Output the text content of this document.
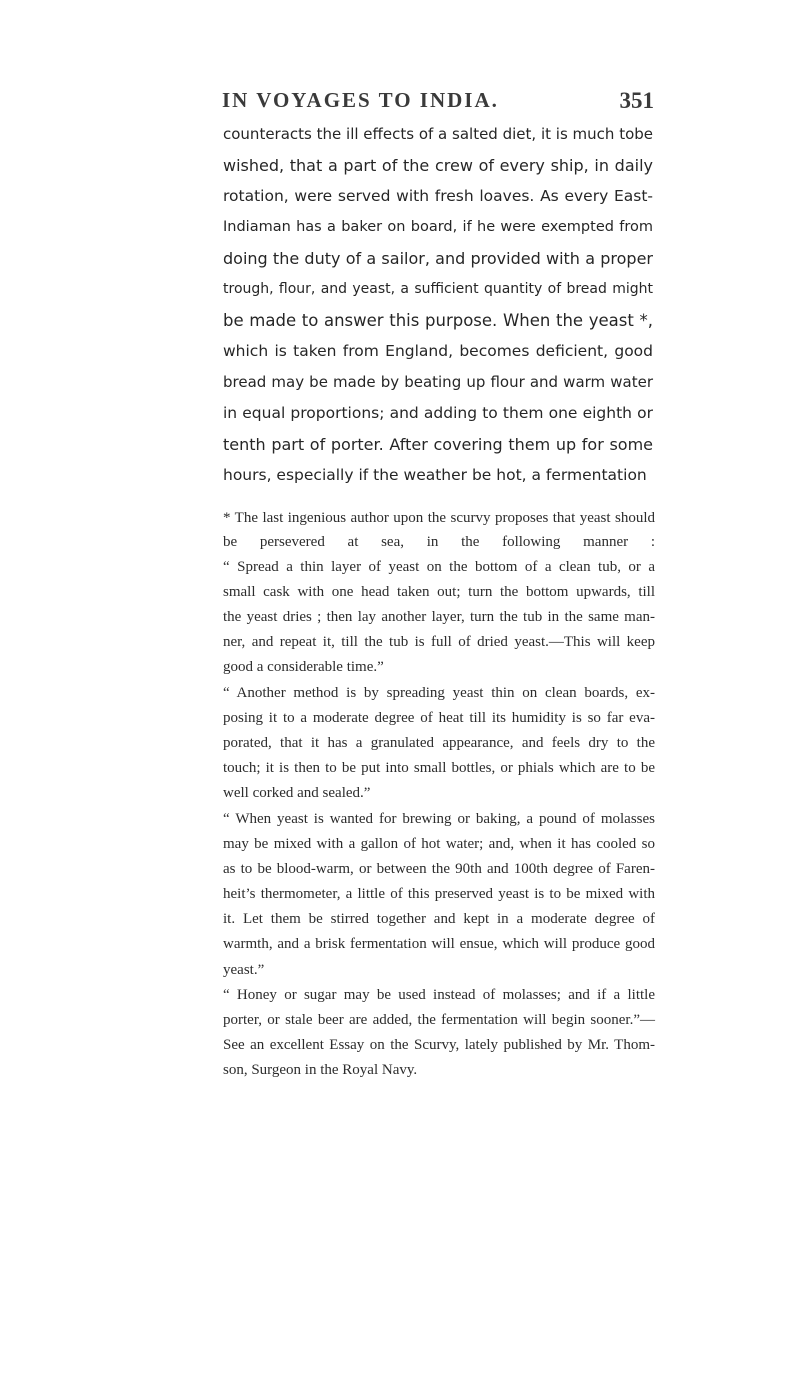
IN VOYAGES TO INDIA.	351
counteracts the ill effects of a salted diet, it is much tobe
wished, that a part of the crew of every ship, in daily
rotation, were served with fresh loaves. As every East-
Indiaman has a baker on board, if he were exempted from
doing the duty of a sailor, and provided with a proper
trough, flour, and yeast, a sufficient quantity of bread might
be made to answer this purpose. When the yeast *,
which is taken from England, becomes deficient, good
bread may be made by beating up flour and warm water
in equal proportions; and adding to them one eighth or
tenth part of porter. After covering them up for some
hours, especially if the weather be hot, a fermentation
* The last ingenious author upon the scurvy proposes that yeast should
be persevered at sea, in the following manner :
“ Spread a thin layer of yeast on the bottom of a clean tub, or a
small cask with one head taken out; turn the bottom upwards, till
the yeast dries ; then lay another layer, turn the tub in the same man-
ner, and repeat it, till the tub is full of dried yeast.—This will keep
good a considerable time.”
“ Another method is by spreading yeast thin on clean boards, ex-
posing it to a moderate degree of heat till its humidity is so far eva-
porated, that it has a granulated appearance, and feels dry to the
touch; it is then to be put into small bottles, or phials which are to be
well corked and sealed.”
“ When yeast is wanted for brewing or baking, a pound of molasses
may be mixed with a gallon of hot water; and, when it has cooled so
as to be blood-warm, or between the 90th and 100th degree of Faren-
heit’s thermometer, a little of this preserved yeast is to be mixed with
it. Let them be stirred together and kept in a moderate degree of
warmth, and a brisk fermentation will ensue, which will produce good
yeast.”
“ Honey or sugar may be used instead of molasses; and if a little
porter, or stale beer are added, the fermentation will begin sooner.”—
See an excellent Essay on the Scurvy, lately published by Mr. Thom-
son, Surgeon in the Royal Navy.
